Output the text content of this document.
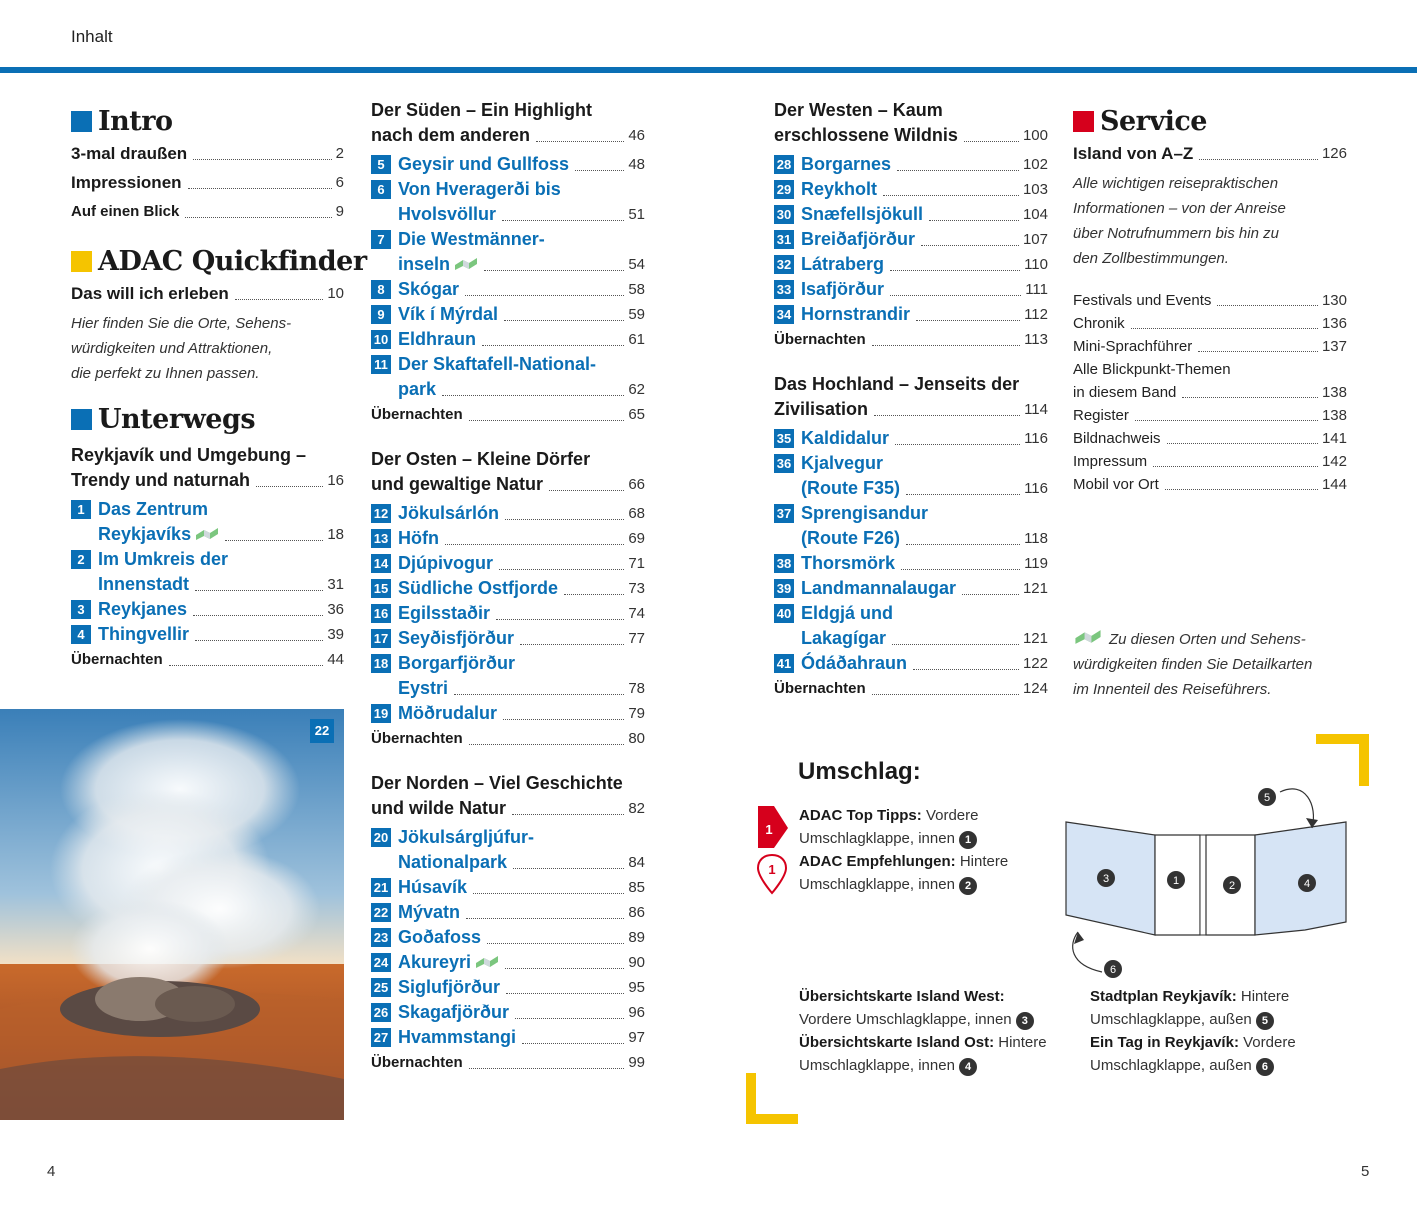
Inhalt
Intro
3-mal draußen	2
Impressionen	6
Auf einen Blick	9
ADAC Quickfinder
Das will ich erleben	10
Hier finden Sie die Orte, Sehens-
würdigkeiten und Attraktionen,
die perfekt zu Ihnen passen.
Unterwegs
Reykjavík und Umgebung –
Trendy und naturnah	16
1 Das Zentrum
Reykjavíks	18
2 Im Umkreis der
Innenstadt	31
3 Reykjanes	36
4 Thingvellir	39
Übernachten	44
22
Der Süden – Ein Highlight
nach dem anderen	46
5 Geysir und Gullfoss	48
6 Von Hveragerði bis
Hvolsvöllur	51
7 Die Westmänner-
inseln	54
8 Skógar	58
9 Vík í Mýrdal	59
10 Eldhraun	61
11 Der Skaftafell-National-
park	62
Übernachten	65
Der Osten – Kleine Dörfer
und gewaltige Natur	66
12 Jökulsárlón	68
13 Höfn	69
14 Djúpivogur	71
15 Südliche Ostfjorde	73
16 Egilsstaðir	74
17 Seyðisfjörður	77
18 Borgarfjörður
Eystri	78
19 Möðrudalur	79
Übernachten	80
Der Norden – Viel Geschichte
und wilde Natur	82
20 Jökulsárgljúfur-
Nationalpark	84
21 Húsavík	85
22 Mývatn	86
23 Goðafoss	89
24 Akureyri	90
25 Siglufjörður	95
26 Skagafjörður	96
27 Hvammstangi	97
Übernachten	99
Der Westen – Kaum
erschlossene Wildnis	100
28 Borgarnes	102
29 Reykholt	103
30 Snæfellsjökull	104
31 Breiðafjörður	107
32 Látraberg	110
33 Isafjörður	111
34 Hornstrandir	112
Übernachten	113
Das Hochland – Jenseits der
Zivilisation	114
35 Kaldidalur	116
36 Kjalvegur
(Route F35)	116
37 Sprengisandur
(Route F26)	118
38 Thorsmörk	119
39 Landmannalaugar	121
40 Eldgjá und
Lakagígar	121
41 Ódáðahraun	122
Übernachten	124
Service
Island von A–Z	126
Alle wichtigen reisepraktischen
Informationen – von der Anreise
über Notrufnummern bis hin zu
den Zollbestimmungen.
Festivals und Events	130
Chronik	136
Mini-Sprachführer	137
Alle Blickpunkt-Themen
in diesem Band	138
Register	138
Bildnachweis	141
Impressum	142
Mobil vor Ort	144
Zu diesen Orten und Sehens-
würdigkeiten finden Sie Detailkarten
im Innenteil des Reiseführers.
Umschlag:
1
1
ADAC Top Tipps: Vordere
Umschlagklappe, innen 1
ADAC Empfehlungen: Hintere
Umschlagklappe, innen 2
3	1	2	4
5
6
Übersichtskarte Island West:
Vordere Umschlagklappe, innen 3
Übersichtskarte Island Ost: Hintere
Umschlagklappe, innen 4
Stadtplan Reykjavík: Hintere
Umschlagklappe, außen 5
Ein Tag in Reykjavík: Vordere
Umschlagklappe, außen 6
4	5
